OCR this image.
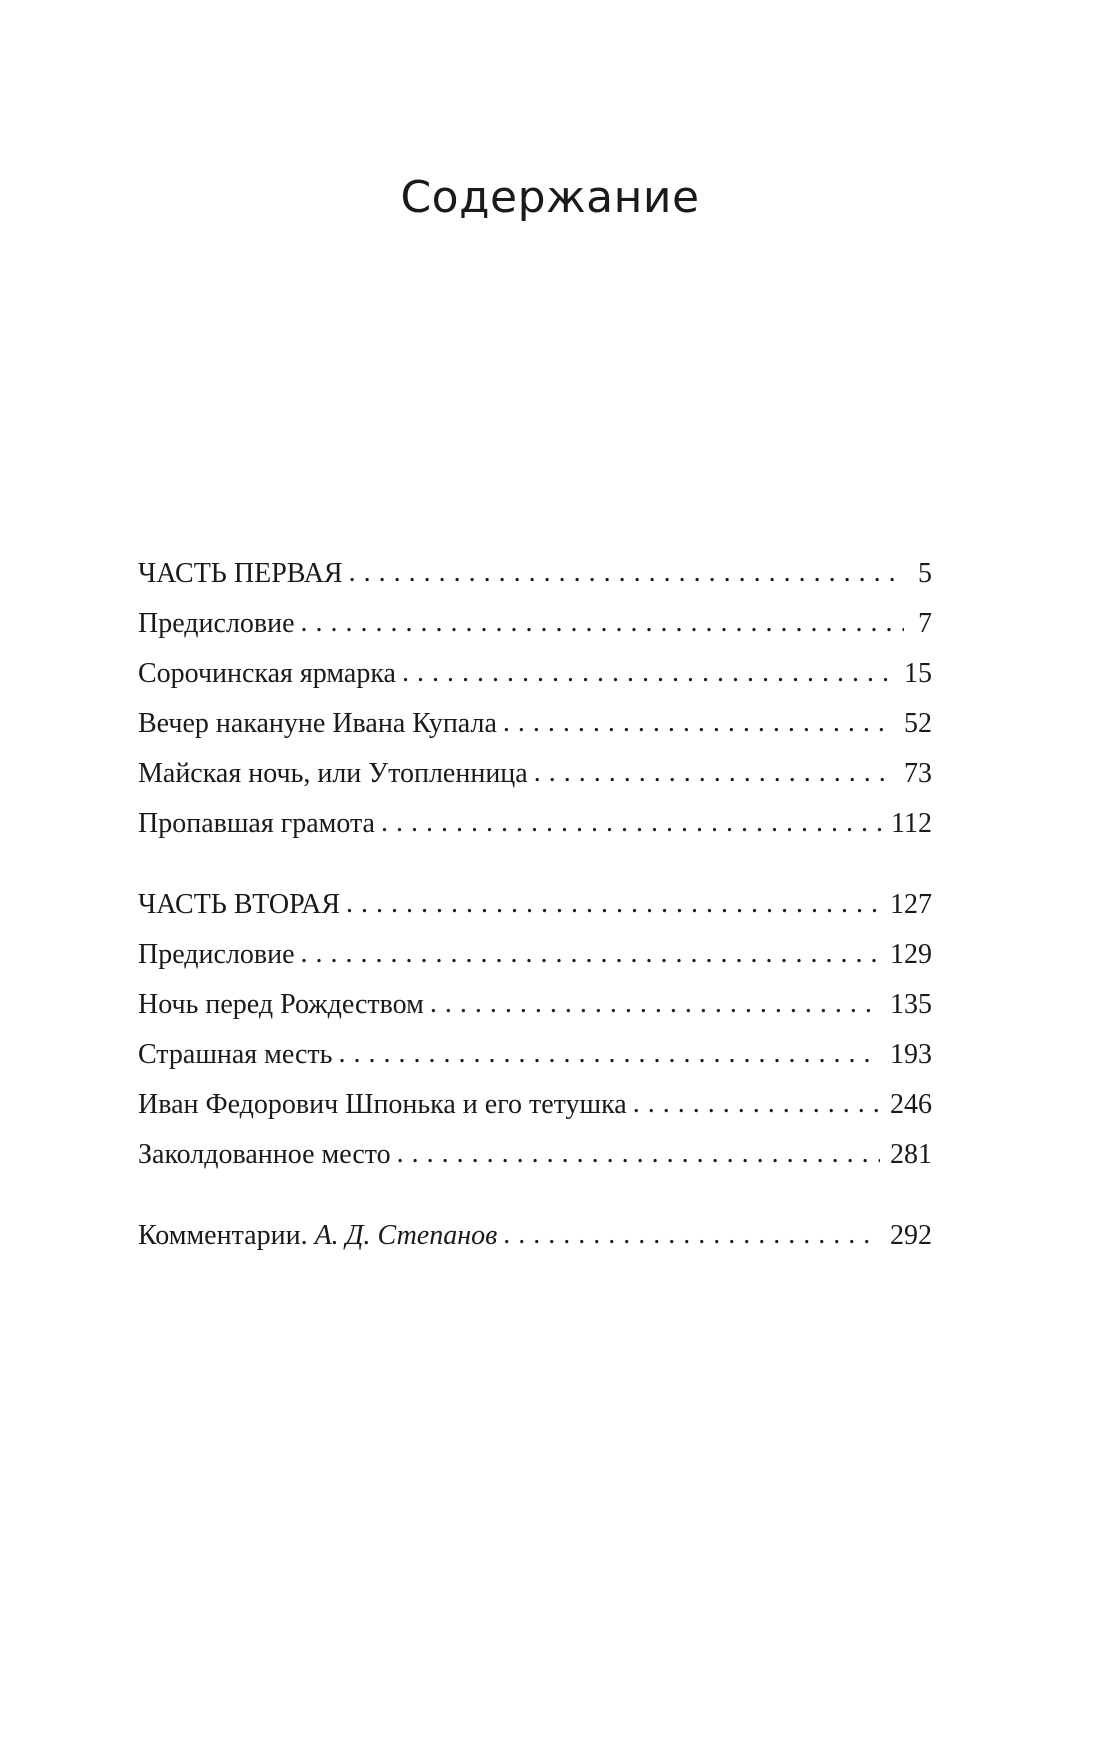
Содержание
ЧАСТЬ ПЕРВАЯ . . .	5
Предисловие . . .	7
Сорочинская ярмарка . . .	15
Вечер накануне Ивана Купала . . .	52
Майская ночь, или Утопленница . . .	73
Пропавшая грамота . . .	112
ЧАСТЬ ВТОРАЯ . . .	127
Предисловие . . .	129
Ночь перед Рождеством . . .	135
Страшная месть . . .	193
Иван Федорович Шпонька и его тетушка . . .	246
Заколдованное место . . .	281
Комментарии. А. Д. Степанов . . .	292
